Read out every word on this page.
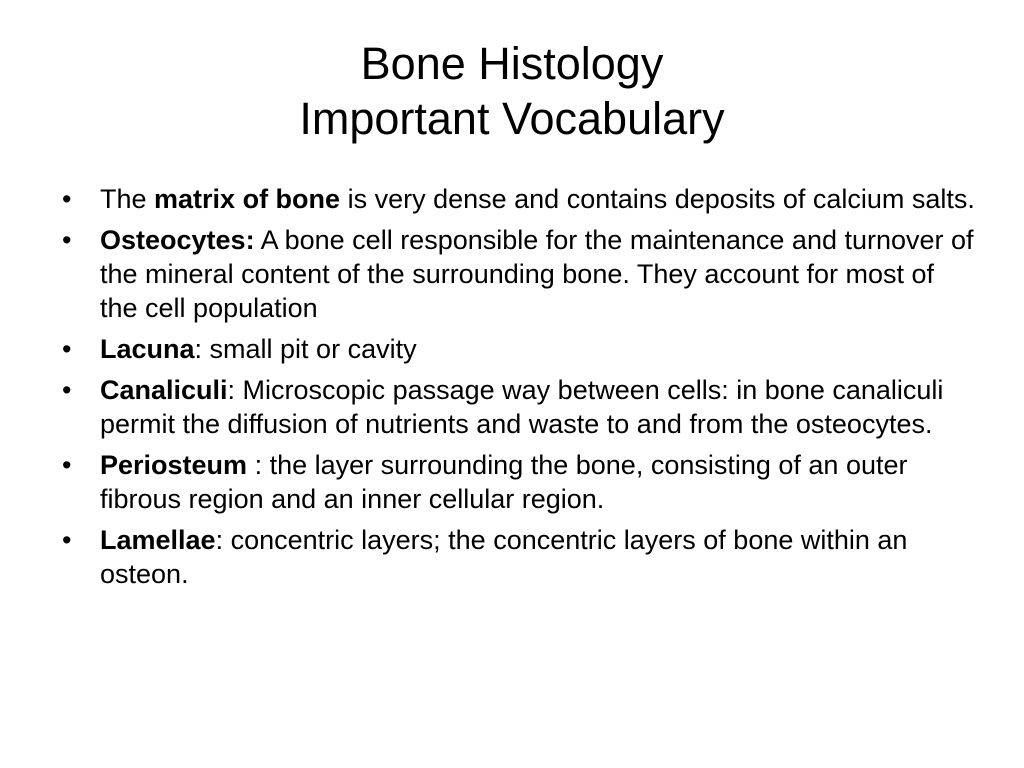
Bone Histology
Important Vocabulary
• The matrix of bone is very dense and contains deposits of calcium salts.
• Osteocytes: A bone cell responsible for the maintenance and turnover of the mineral content of the surrounding bone. They account for most of the cell population
• Lacuna: small pit or cavity
• Canaliculi: Microscopic passage way between cells: in bone canaliculi permit the diffusion of nutrients and waste to and from the osteocytes.
• Periosteum : the layer surrounding the bone, consisting of an outer fibrous region and an inner cellular region.
• Lamellae: concentric layers; the concentric layers of bone within an osteon.
